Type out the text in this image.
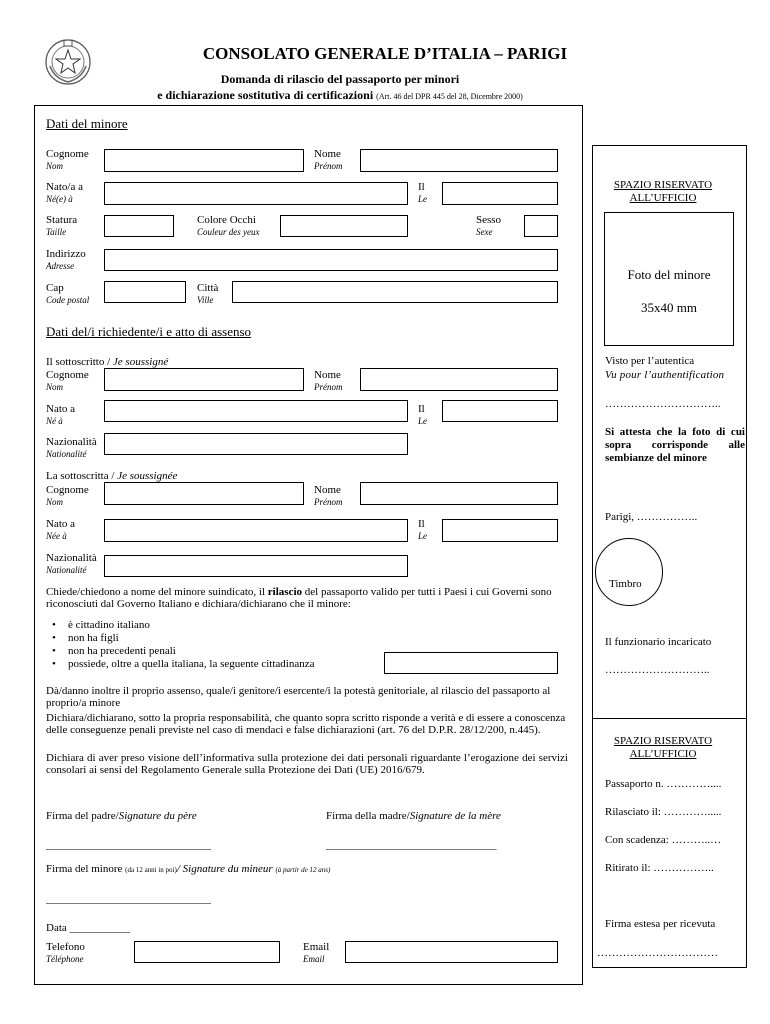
CONSOLATO GENERALE D’ITALIA – PARIGI
Domanda di rilascio del passaporto per minori
e dichiarazione sostitutiva di certificazioni (Art. 46 del DPR 445 del 28, Dicembre 2000)
Dati del minore
Cognome
Nom
Nome
Prénom
Nato/a a
Né(e) à
Il
Le
Statura
Taille
Colore Occhi
Couleur des yeux
Sesso
Sexe
Indirizzo
Adresse
Cap
Code postal
Città
Ville
Dati del/i richiedente/i e atto di assenso
Il sottoscritto / Je soussigné
Cognome
Nom
Nome
Prénom
Nato a
Né à
Il
Le
Nazionalità
Nationalité
La sottoscritta / Je soussignée
Cognome
Nom
Nome
Prénom
Nato a
Née à
Il
Le
Nazionalità
Nationalité
Chiede/chiedono a nome del minore suindicato, il rilascio del passaporto valido per tutti i Paesi i cui Governi sono riconosciuti dal Governo Italiano e dichiara/dichiarano che il minore:
• è cittadino italiano
• non ha figli
• non ha precedenti penali
• possiede, oltre a quella italiana, la seguente cittadinanza
Dà/danno inoltre il proprio assenso, quale/i genitore/i esercente/i la potestà genitoriale, al rilascio del passaporto al proprio/a minore
Dichiara/dichiarano, sotto la propria responsabilità, che quanto sopra scritto risponde a verità e di essere a conoscenza delle conseguenze penali previste nel caso di mendaci e false dichiarazioni (art. 76 del D.P.R. 28/12/200, n.445).
Dichiara di aver preso visione dell’informativa sulla protezione dei dati personali riguardante l’erogazione dei servizi consolari ai sensi del Regolamento Generale sulla Protezione dei Dati (UE) 2016/679.
Firma del padre/Signature du père	Firma della madre/Signature de la mère
______________________________	_______________________________
Firma del minore (da 12 anni in poi)/ Signature du mineur (à partir de 12 ans)
______________________________
Data ___________
Telefono
Téléphone
Email
Email
SPAZIO RISERVATO ALL’UFFICIO
Foto del minore
35x40 mm
Visto per l’autentica
Vu pour l’authentification
…………………………..
Si attesta che la foto di cui sopra corrisponde alle sembianze del minore
Parigi, ……………..
Timbro
Il funzionario incaricato
………………………..
SPAZIO RISERVATO ALL’UFFICIO
Passaporto n. …………....
Rilasciato il: ………….....
Con scadenza: ………..…
Ritirato il: ……………..
Firma estesa per ricevuta
……………………………
